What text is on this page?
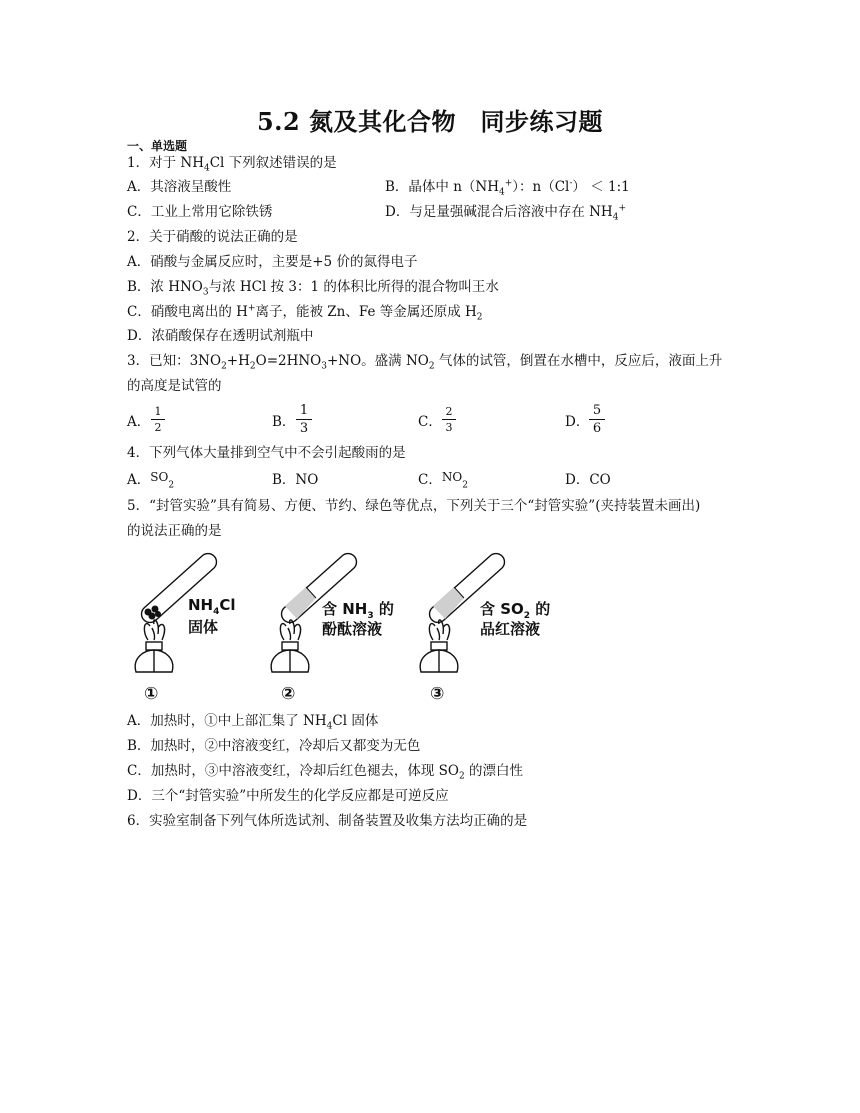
5.2 氮及其化合物　同步练习题
一、单选题
1．对于 $NH_4Cl$ 下列叙述错误的是
A．其溶液呈酸性	B．晶体中 $n(NH_4^+)$：n（Cl-） ＜ 1:1
C．工业上常用它除铁锈	D．与足量强碱混合后溶液中存在 $NH_4^+$
2．关于硝酸的说法正确的是
A．硝酸与金属反应时，主要是+5 价的氮得电子
B．浓 $HNO_3$与浓 HCl 按 3：1 的体积比所得的混合物叫王水
C．硝酸电离出的 H+离子，能被 Zn、Fe 等金属还原成 $H_2$
D．浓硝酸保存在透明试剂瓶中
3．已知：$3NO_2+H_2O=2HNO_3+NO$。盛满 $NO_2$ 气体的试管，倒置在水槽中，反应后，液面上升
的高度是试管的
A． $\frac{1}{2}$	B． $\frac{1}{3}$	C． $\frac{2}{3}$	D． $\frac{5}{6}$
4．下列气体大量排到空气中不会引起酸雨的是
A．$SO_2$	B．NO	C．$NO_2$	D．CO
5．“封管实验”具有简易、方便、节约、绿色等优点，下列关于三个“封管实验”(夹持装置未画出)
的说法正确的是
$NH_4Cl$
固体
含 $NH_3$ 的
酚酞溶液
含 $SO_2$ 的
品红溶液
①	②	③
A．加热时，①中上部汇集了 $NH_4Cl$ 固体
B．加热时，②中溶液变红，冷却后又都变为无色
C．加热时，③中溶液变红，冷却后红色褪去，体现 $SO_2$ 的漂白性
D．三个“封管实验”中所发生的化学反应都是可逆反应
6．实验室制备下列气体所选试剂、制备装置及收集方法均正确的是
